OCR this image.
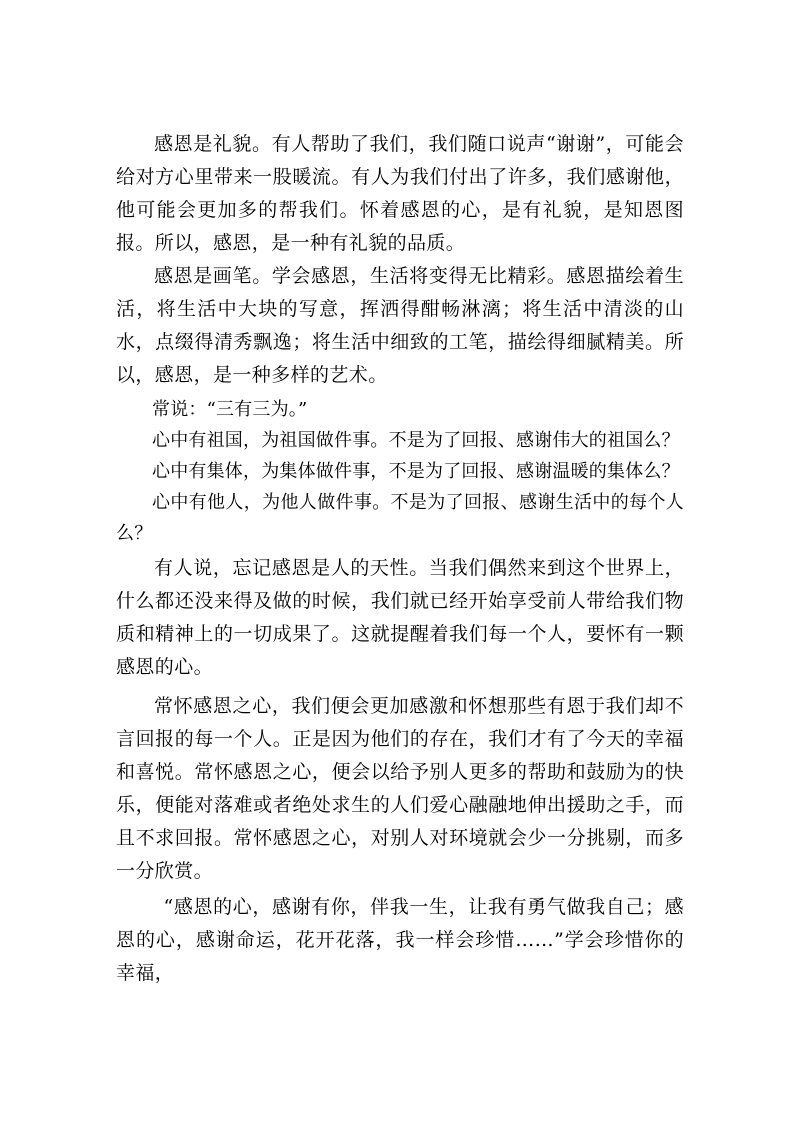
感恩是礼貌。有人帮助了我们，我们随口说声“谢谢”，可能会给对方心里带来一股暖流。有人为我们付出了许多，我们感谢他，他可能会更加多的帮我们。怀着感恩的心，是有礼貌，是知恩图报。所以，感恩，是一种有礼貌的品质。

感恩是画笔。学会感恩，生活将变得无比精彩。感恩描绘着生活，将生活中大块的写意，挥洒得酣畅淋漓；将生活中清淡的山水，点缀得清秀飘逸；将生活中细致的工笔，描绘得细腻精美。所以，感恩，是一种多样的艺术。

常说：“三有三为。”

心中有祖国，为祖国做件事。不是为了回报、感谢伟大的祖国么？

心中有集体，为集体做件事，不是为了回报、感谢温暖的集体么？

心中有他人，为他人做件事。不是为了回报、感谢生活中的每个人么？

有人说，忘记感恩是人的天性。当我们偶然来到这个世界上，什么都还没来得及做的时候，我们就已经开始享受前人带给我们物质和精神上的一切成果了。这就提醒着我们每一个人，要怀有一颗感恩的心。

常怀感恩之心，我们便会更加感激和怀想那些有恩于我们却不言回报的每一个人。正是因为他们的存在，我们才有了今天的幸福和喜悦。常怀感恩之心，便会以给予别人更多的帮助和鼓励为的快乐，便能对落难或者绝处求生的人们爱心融融地伸出援助之手，而且不求回报。常怀感恩之心，对别人对环境就会少一分挑剔，而多一分欣赏。

“感恩的心，感谢有你，伴我一生，让我有勇气做我自己；感恩的心，感谢命运，花开花落，我一样会珍惜……”学会珍惜你的幸福，
